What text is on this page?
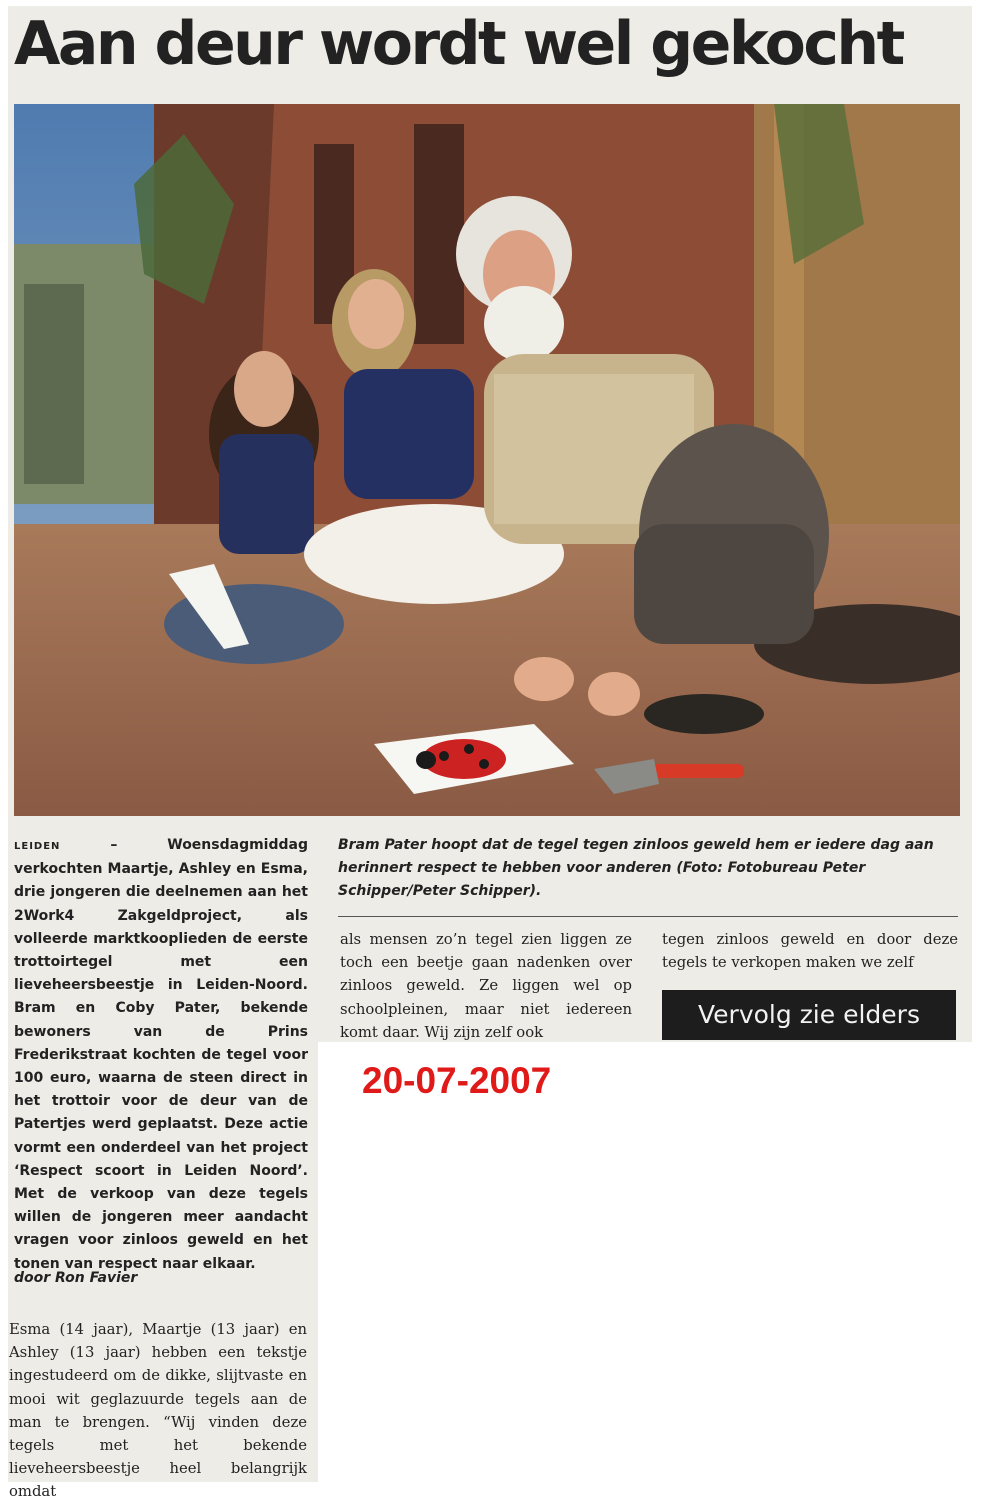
Aan deur wordt wel gekocht
LEIDEN – Woensdagmiddag verkochten Maartje, Ashley en Esma, drie jongeren die deelnemen aan het 2Work4 Zakgeldproject, als volleerde marktkooplieden de eerste trottoirtegel met een lieveheersbeestje in Leiden-Noord. Bram en Coby Pater, bekende bewoners van de Prins Frederikstraat kochten de tegel voor 100 euro, waarna de steen direct in het trottoir voor de deur van de Patertjes werd geplaatst. Deze actie vormt een onderdeel van het project ‘Respect scoort in Leiden Noord’. Met de verkoop van deze tegels willen de jongeren meer aandacht vragen voor zinloos geweld en het tonen van respect naar elkaar.
door Ron Favier
Esma (14 jaar), Maartje (13 jaar) en Ashley (13 jaar) hebben een tekstje ingestudeerd om de dikke, slijtvaste en mooi wit geglazuurde tegels aan de man te brengen. “Wij vinden deze tegels met het bekende lieveheersbeestje heel belangrijk omdat
Bram Pater hoopt dat de tegel tegen zinloos geweld hem er iedere dag aan herinnert respect te hebben voor anderen (Foto: Fotobureau Peter Schipper/Peter Schipper).
als mensen zo’n tegel zien liggen ze toch een beetje gaan nadenken over zinloos geweld. Ze liggen wel op schoolpleinen, maar niet iedereen komt daar. Wij zijn zelf ook
tegen zinloos geweld en door deze tegels te verkopen maken we zelf
Vervolg zie elders
20-07-2007
